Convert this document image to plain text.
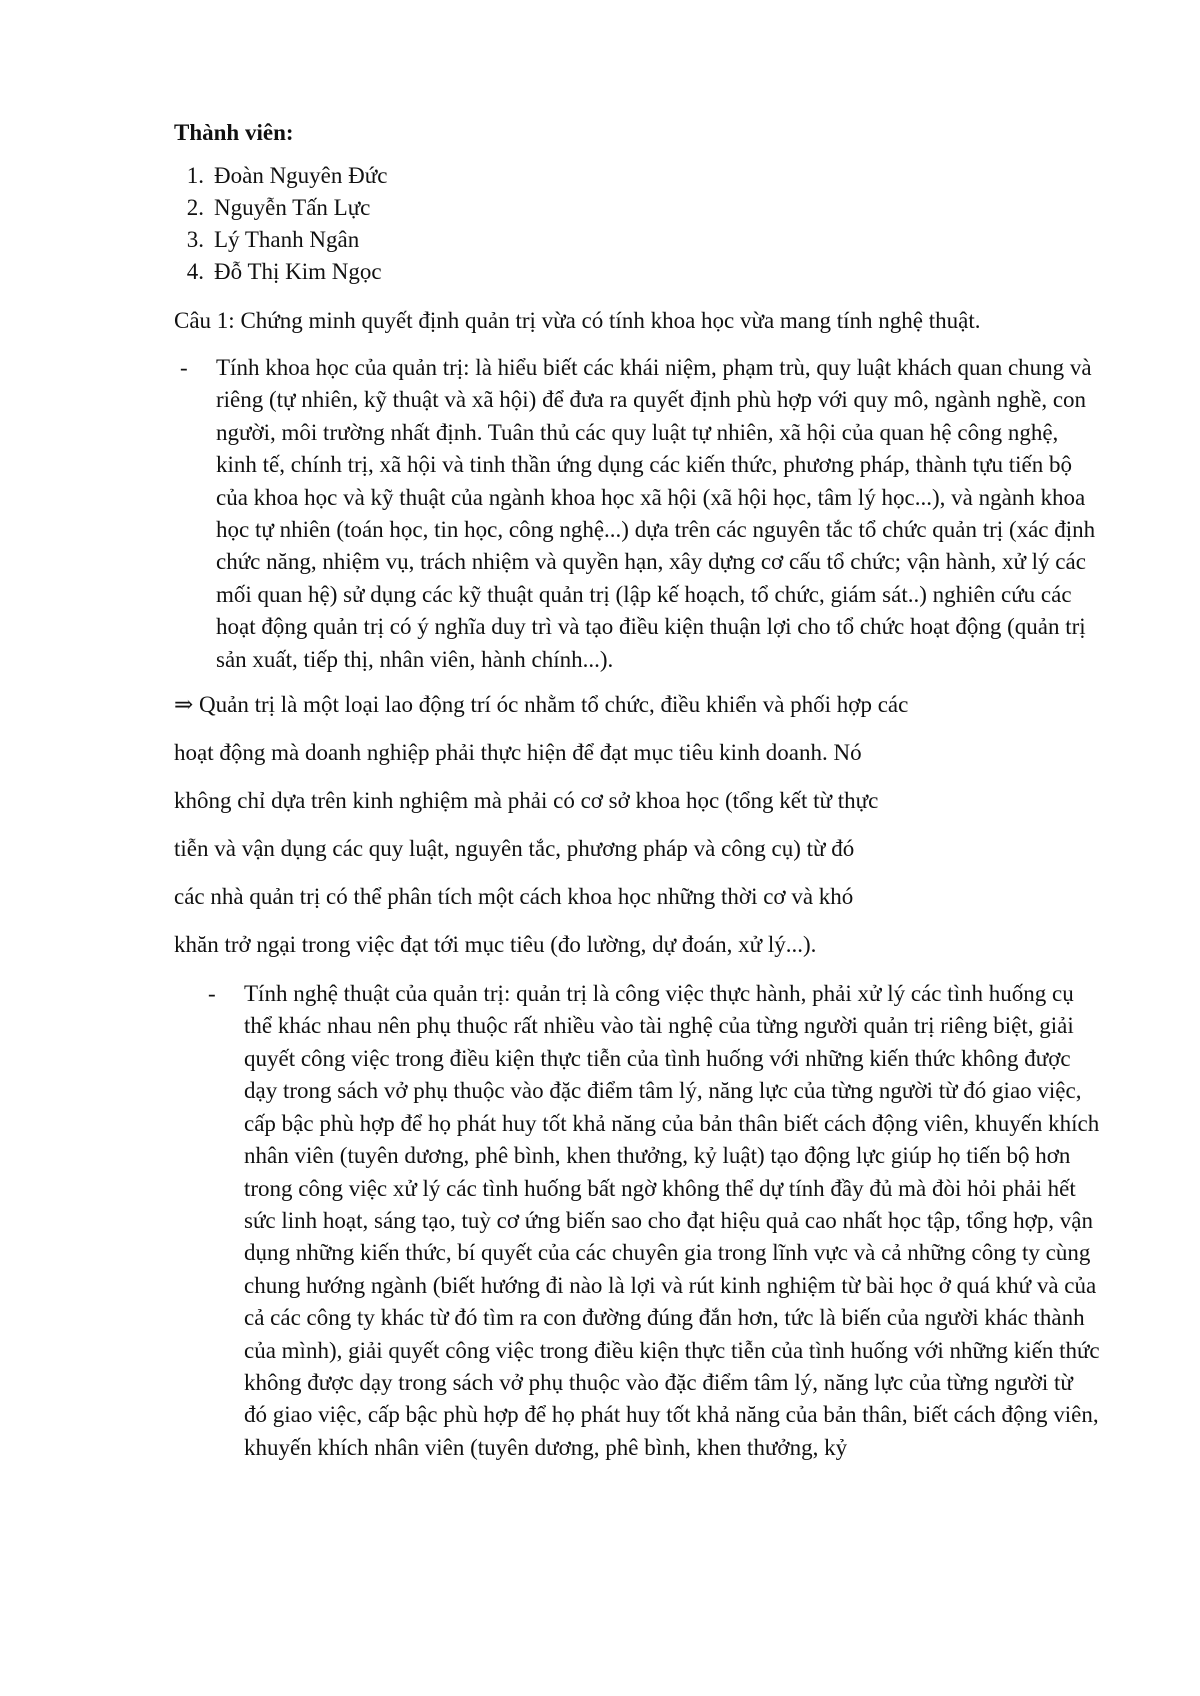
Thành viên:
1. Đoàn Nguyên Đức
2. Nguyễn Tấn Lực
3. Lý Thanh Ngân
4. Đỗ Thị Kim Ngọc
Câu 1: Chứng minh quyết định quản trị vừa có tính khoa học vừa mang tính nghệ thuật.
-	Tính khoa học của quản trị: là hiểu biết các khái niệm, phạm trù, quy luật khách quan chung và riêng (tự nhiên, kỹ thuật và xã hội) để đưa ra quyết định phù hợp với quy mô, ngành nghề, con người, môi trường nhất định. Tuân thủ các quy luật tự nhiên, xã hội của quan hệ công nghệ, kinh tế, chính trị, xã hội và tinh thần ứng dụng các kiến thức, phương pháp, thành tựu tiến bộ của khoa học và kỹ thuật của ngành khoa học xã hội (xã hội học, tâm lý học...), và ngành khoa học tự nhiên (toán học, tin học, công nghệ...) dựa trên các nguyên tắc tổ chức quản trị (xác định chức năng, nhiệm vụ, trách nhiệm và quyền hạn, xây dựng cơ cấu tổ chức; vận hành, xử lý các mối quan hệ) sử dụng các kỹ thuật quản trị (lập kế hoạch, tổ chức, giám sát..) nghiên cứu các hoạt động quản trị có ý nghĩa duy trì và tạo điều kiện thuận lợi cho tổ chức hoạt động (quản trị sản xuất, tiếp thị, nhân viên, hành chính...).

⇒ Quản trị là một loại lao động trí óc nhằm tổ chức, điều khiển và phối hợp các

hoạt động mà doanh nghiệp phải thực hiện để đạt mục tiêu kinh doanh. Nó

không chỉ dựa trên kinh nghiệm mà phải có cơ sở khoa học (tổng kết từ thực

tiễn và vận dụng các quy luật, nguyên tắc, phương pháp và công cụ) từ đó

các nhà quản trị có thể phân tích một cách khoa học những thời cơ và khó

khăn trở ngại trong việc đạt tới mục tiêu (đo lường, dự đoán, xử lý...).

-	Tính nghệ thuật của quản trị: quản trị là công việc thực hành, phải xử lý các tình huống cụ thể khác nhau nên phụ thuộc rất nhiều vào tài nghệ của từng người quản trị riêng biệt, giải quyết công việc trong điều kiện thực tiễn của tình huống với những kiến thức không được dạy trong sách vở phụ thuộc vào đặc điểm tâm lý, năng lực của từng người từ đó giao việc, cấp bậc phù hợp để họ phát huy tốt khả năng của bản thân biết cách động viên, khuyến khích nhân viên (tuyên dương, phê bình, khen thưởng, kỷ luật) tạo động lực giúp họ tiến bộ hơn trong công việc xử lý các tình huống bất ngờ không thể dự tính đầy đủ mà đòi hỏi phải hết sức linh hoạt, sáng tạo, tuỳ cơ ứng biến sao cho đạt hiệu quả cao nhất học tập, tổng hợp, vận dụng những kiến thức, bí quyết của các chuyên gia trong lĩnh vực và cả những công ty cùng chung hướng ngành (biết hướng đi nào là lợi và rút kinh nghiệm từ bài học ở quá khứ và của cả các công ty khác từ đó tìm ra con đường đúng đắn hơn, tức là biến của người khác thành của mình), giải quyết công việc trong điều kiện thực tiễn của tình huống với những kiến thức không được dạy trong sách vở phụ thuộc vào đặc điểm tâm lý, năng lực của từng người từ đó giao việc, cấp bậc phù hợp để họ phát huy tốt khả năng của bản thân, biết cách động viên, khuyến khích nhân viên (tuyên dương, phê bình, khen thưởng, kỷ
